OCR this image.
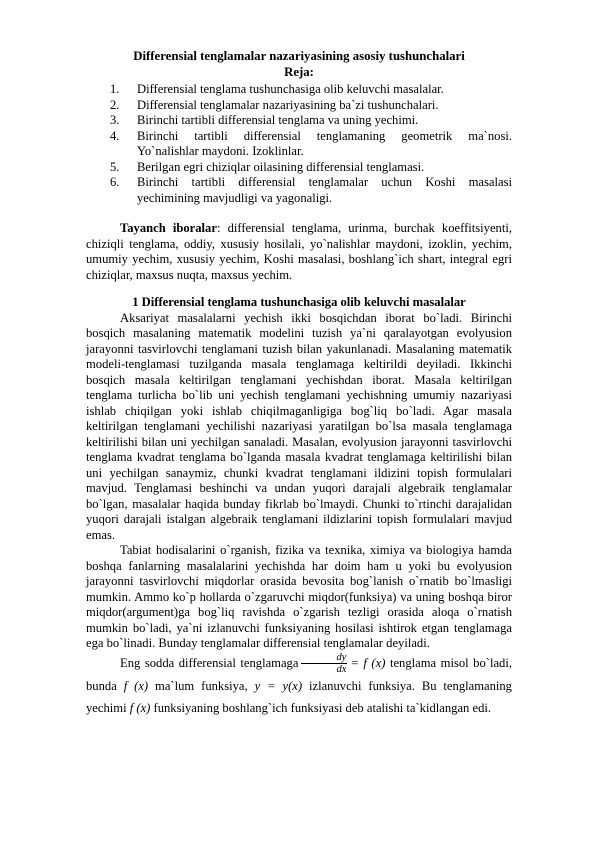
Differensial tenglamalar nazariyasining asosiy tushunchalari

Reja:

1. Differensial tenglama tushunchasiga olib keluvchi masalalar.
2. Differensial tenglamalar nazariyasining ba`zi tushunchalari.
3. Birinchi tartibli differensial tenglama va uning yechimi.
4. Birinchi tartibli differensial tenglamaning geometrik ma`nosi. Yo`nalishlar maydoni. Izoklinlar.
5. Berilgan egri chiziqlar oilasining differensial tenglamasi.
6. Birinchi tartibli differensial tenglamalar uchun Koshi masalasi yechimining mavjudligi va yagonaligi.

Tayanch iboralar: differensial tenglama, urinma, burchak koeffitsiyenti, chiziqli tenglama, oddiy, xususiy hosilali, yo`nalishlar maydoni, izoklin, yechim, umumiy yechim, xususiy yechim, Koshi masalasi, boshlang`ich shart, integral egri chiziqlar, maxsus nuqta, maxsus yechim.

1 Differensial tenglama tushunchasiga olib keluvchi masalalar

Aksariyat masalalarni yechish ikki bosqichdan iborat bo`ladi. Birinchi bosqich masalaning matematik modelini tuzish ya`ni qaralayotgan evolyusion jarayonni tasvirlovchi tenglamani tuzish bilan yakunlanadi. Masalaning matematik modeli-tenglamasi tuzilganda masala tenglamaga keltirildi deyiladi. Ikkinchi bosqich masala keltirilgan tenglamani yechishdan iborat. Masala keltirilgan tenglama turlicha bo`lib uni yechish tenglamani yechishning umumiy nazariyasi ishlab chiqilgan yoki ishlab chiqilmaganligiga bog`liq bo`ladi. Agar masala keltirilgan tenglamani yechilishi nazariyasi yaratilgan bo`lsa masala tenglamaga keltirilishi bilan uni yechilgan sanaladi. Masalan, evolyusion jarayonni tasvirlovchi tenglama kvadrat tenglama bo`lganda masala kvadrat tenglamaga keltirilishi bilan uni yechilgan sanaymiz, chunki kvadrat tenglamani ildizini topish formulalari mavjud. Tenglamasi beshinchi va undan yuqori darajali algebraik tenglamalar bo`lgan, masalalar haqida bunday fikrlab bo`lmaydi. Chunki to`rtinchi darajalidan yuqori darajali istalgan algebraik tenglamani ildizlarini topish formulalari mavjud emas.

Tabiat hodisalarini o`rganish, fizika va texnika, ximiya va biologiya hamda boshqa fanlarning masalalarini yechishda har doim ham u yoki bu evolyusion jarayonni tasvirlovchi miqdorlar orasida bevosita bog`lanish o`rnatib bo`lmasligi mumkin. Ammo ko`p hollarda o`zgaruvchi miqdor(funksiya) va uning boshqa biror miqdor(argument)ga bog`liq ravishda o`zgarish tezligi orasida aloqa o`rnatish mumkin bo`ladi, ya`ni izlanuvchi funksiyaning hosilasi ishtirok etgan tenglamaga ega bo`linadi. Bunday tenglamalar differensial tenglamalar deyiladi.

Eng sodda differensial tenglamaga $\frac{dy}{dx} = f$ (x) tenglama misol bo`ladi, bunda f (x) ma`lum funksiya, y = y(x) izlanuvchi funksiya. Bu tenglamaning yechimi f (x) funksiyaning boshlang`ich funksiyasi deb atalishi ta`kidlangan edi.
